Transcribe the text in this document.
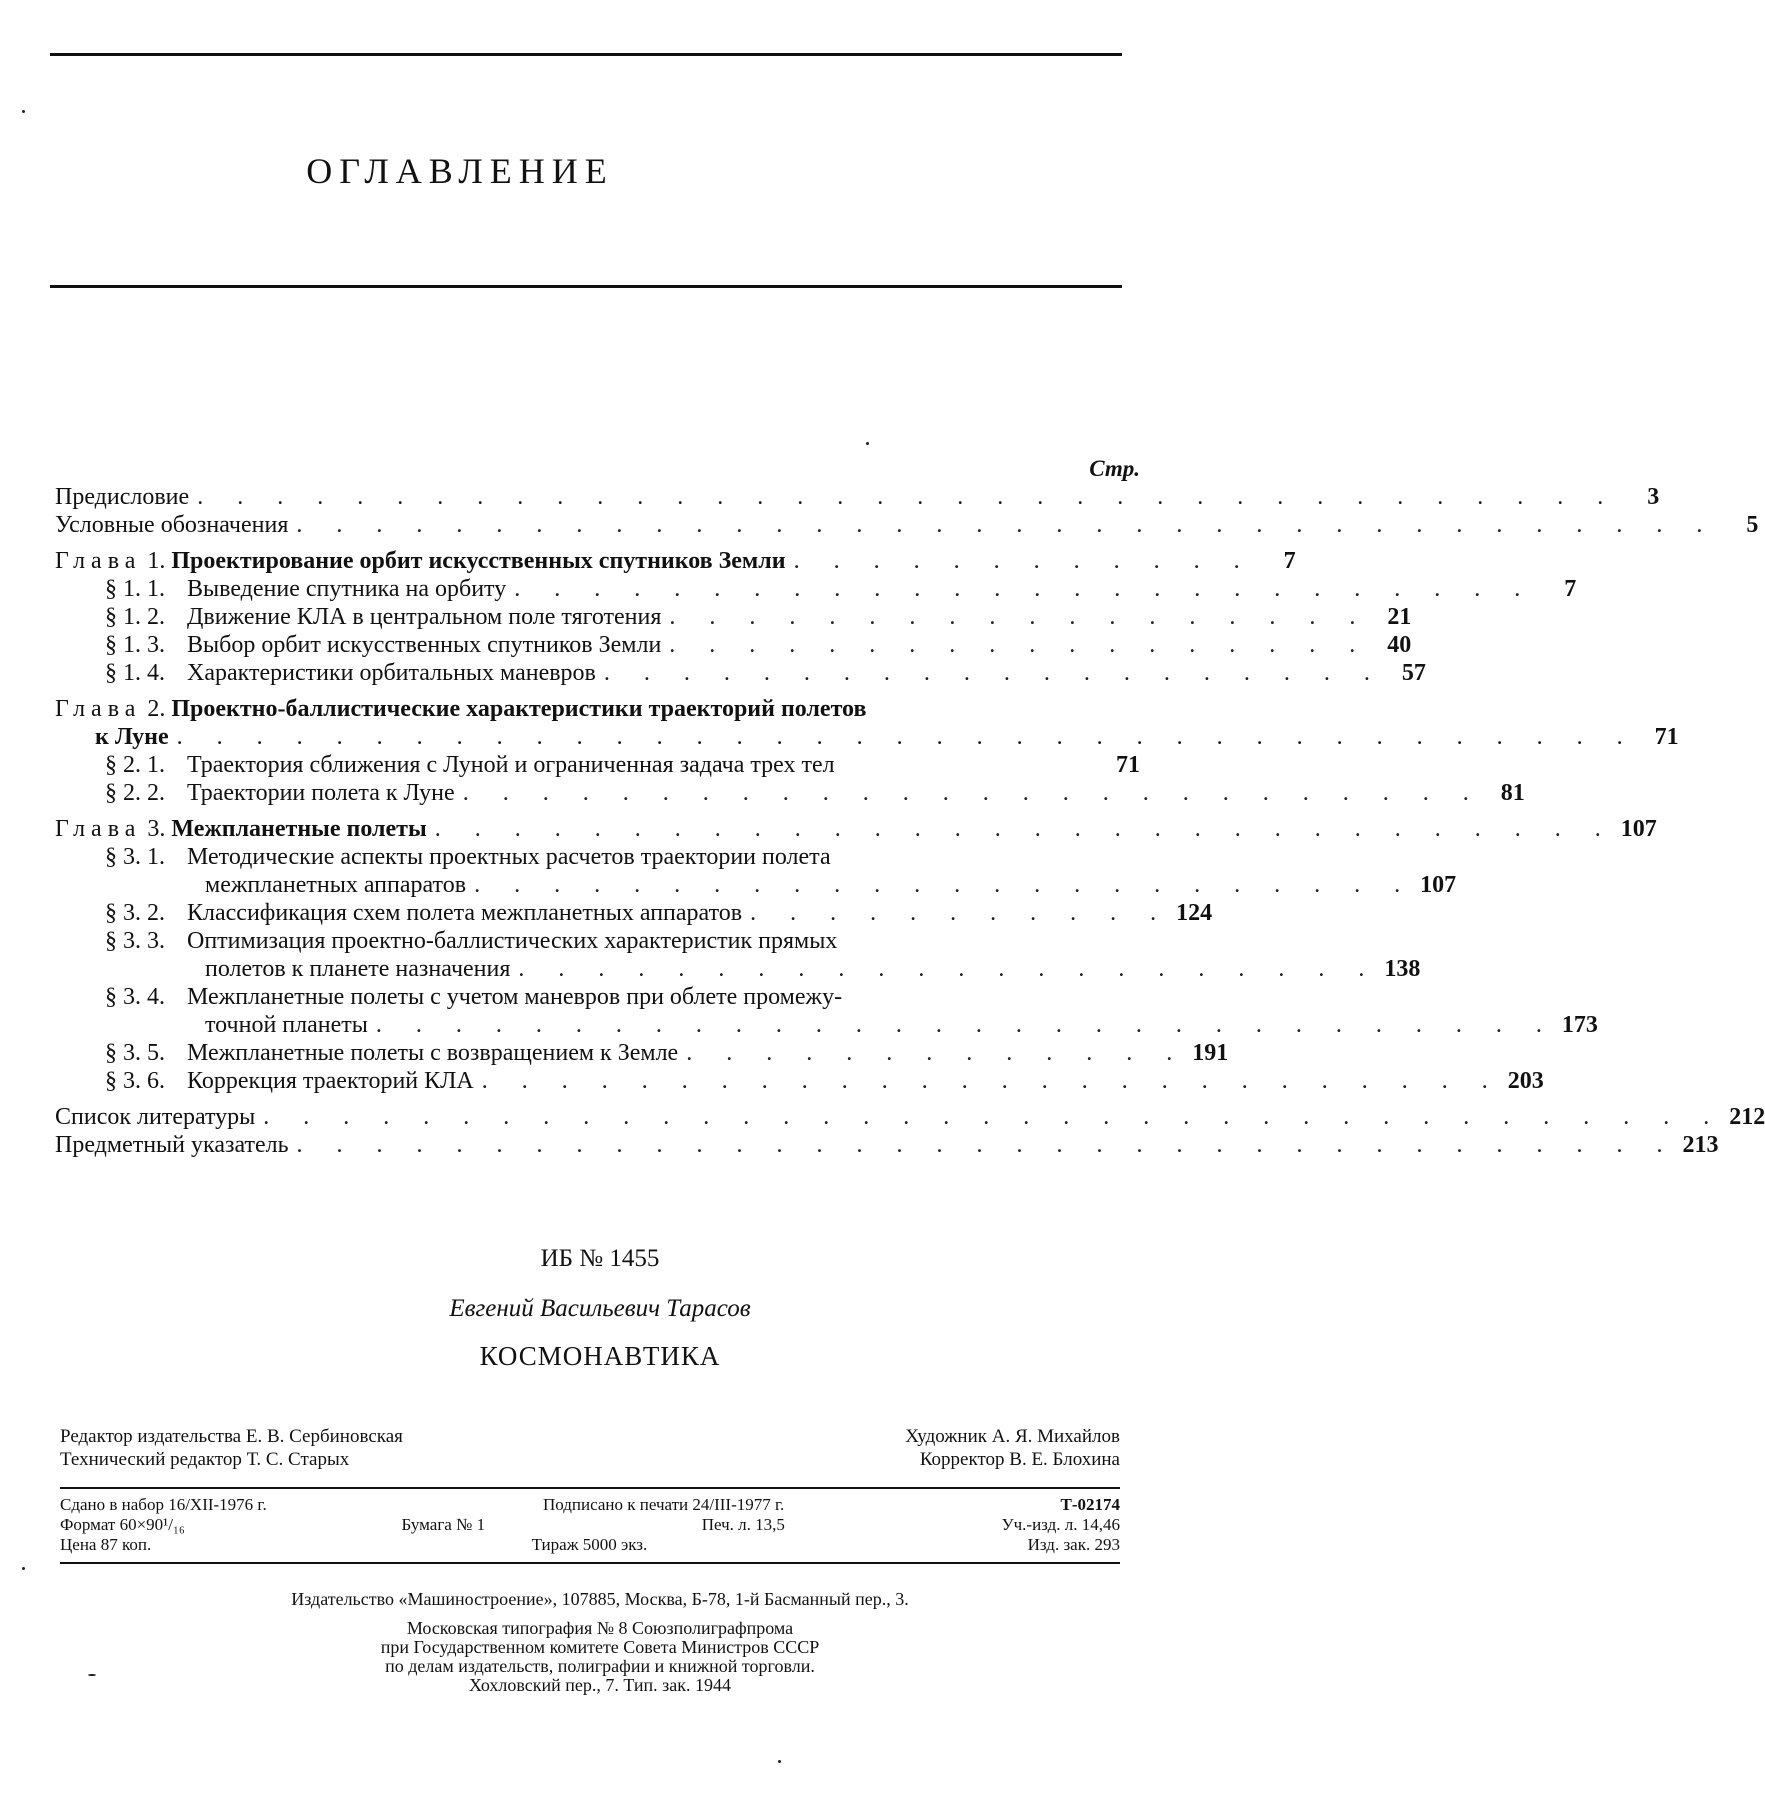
ОГЛАВЛЕНИЕ
Стр.
Предисловие . . . . . . . . . . . . . . . . . . . . . . . . . . . . . . . . . . . .	3
Условные обозначения . . . . . . . . . . . . . . . . . . . . . . . . . . . . . . . . . . . .	5
Глава 1. Проектирование орбит искусственных спутников Земли . . . . . . . . . . . .	7
§ 1. 1. Выведение спутника на орбиту . . . . . . . . . . . . . . . . . . . . . . . . . .	7
§ 1. 2. Движение КЛА в центральном поле тяготения . . . . . . . . . . . . . . . . . . 21
§ 1. 3. Выбор орбит искусственных спутников Земли . . . . . . . . . . . . . . . . . . 40
§ 1. 4. Характеристики орбитальных маневров . . . . . . . . . . . . . . . . . . . . 57
Глава 2. Проектно-баллистические характеристики траекторий полетов
к Луне . . . . . . . . . . . . . . . . . . . . . . . . . . . . . . . . . . . . . 71
§ 2. 1. Траектория сближения с Луной и ограниченная задача трех тел	71
§ 2. 2. Траектории полета к Луне . . . . . . . . . . . . . . . . . . . . . . . . . . 81
Глава 3. Межпланетные полеты . . . . . . . . . . . . . . . . . . . . . . . . . . . . . . 107
§ 3. 1. Методические аспекты проектных расчетов траектории полета
межпланетных аппаратов . . . . . . . . . . . . . . . . . . . . . . . . 107
§ 3. 2. Классификация схем полета межпланетных аппаратов . . . . . . . . . . . 124
§ 3. 3. Оптимизация проектно-баллистических характеристик прямых
полетов к планете назначения . . . . . . . . . . . . . . . . . . . . . . 138
§ 3. 4. Межпланетные полеты с учетом маневров при облете промежу-
точной планеты . . . . . . . . . . . . . . . . . . . . . . . . . . . . . . 173
§ 3. 5. Межпланетные полеты с возвращением к Земле . . . . . . . . . . . . . 191
§ 3. 6. Коррекция траекторий КЛА . . . . . . . . . . . . . . . . . . . . . . . . . . 203
Список литературы . . . . . . . . . . . . . . . . . . . . . . . . . . . . . . . . . . . . . 212
Предметный указатель . . . . . . . . . . . . . . . . . . . . . . . . . . . . . . . . . . . 213
ИБ № 1455
Евгений Васильевич Тарасов
КОСМОНАВТИКА
Редактор издательства Е. В. Сербиновская	Художник А. Я. Михайлов
Технический редактор Т. С. Старых	Корректор В. Е. Блохина
Сдано в набор 16/XII-1976 г.	Подписано к печати 24/III-1977 г.	Т-02174
Формат 60×90¹/₁₆	Бумага № 1	Печ. л. 13,5	Уч.-изд. л. 14,46
Цена 87 коп.	Тираж 5000 экз.	Изд. зак. 293
Издательство «Машиностроение», 107885, Москва, Б-78, 1-й Басманный пер., 3.
Московская типография № 8 Союзполиграфпрома
при Государственном комитете Совета Министров СССР
по делам издательств, полиграфии и книжной торговли.
Хохловский пер., 7. Тип. зак. 1944
